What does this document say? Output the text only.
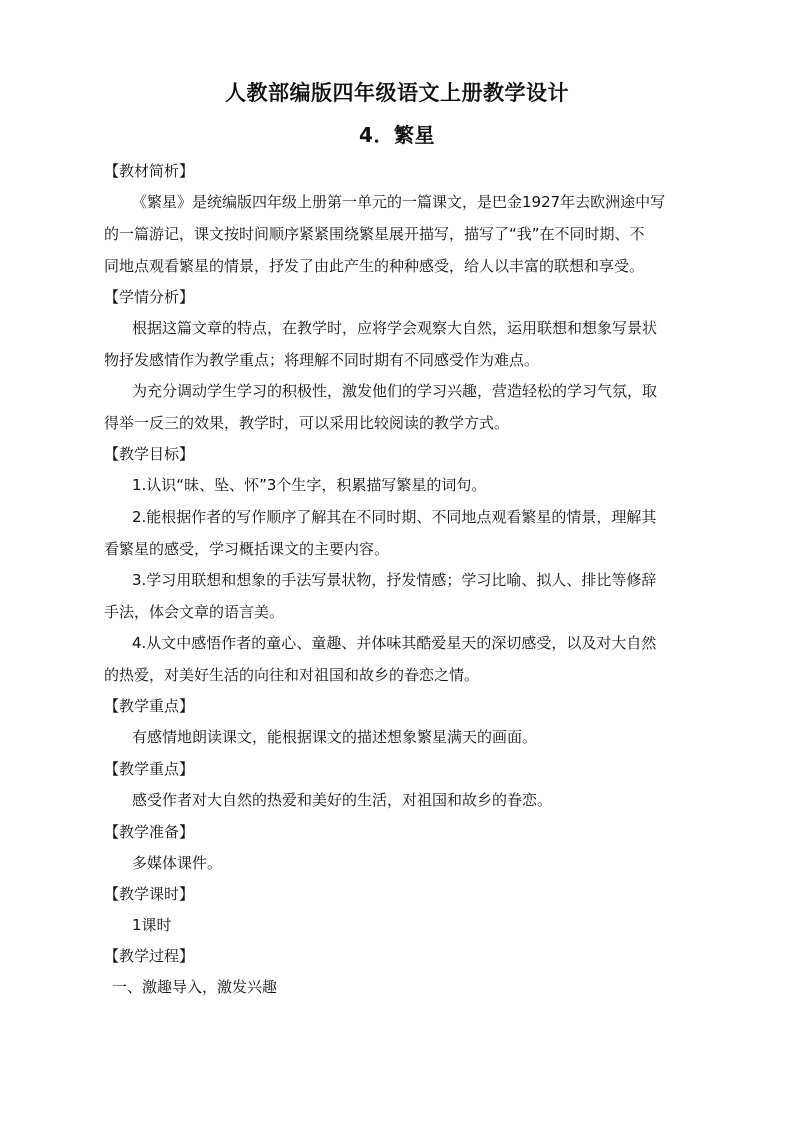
人教部编版四年级语文上册教学设计
4．繁星
【教材简析】
《繁星》是统编版四年级上册第一单元的一篇课文，是巴金1927年去欧洲途中写
的一篇游记，课文按时间顺序紧紧围绕繁星展开描写，描写了“我”在不同时期、不
同地点观看繁星的情景，抒发了由此产生的种种感受，给人以丰富的联想和享受。
【学情分析】
根据这篇文章的特点，在教学时，应将学会观察大自然，运用联想和想象写景状
物抒发感情作为教学重点；将理解不同时期有不同感受作为难点。
为充分调动学生学习的积极性，激发他们的学习兴趣，营造轻松的学习气氛，取
得举一反三的效果，教学时，可以采用比较阅读的教学方式。
【教学目标】
1.认识“昧、坠、怀”3个生字，积累描写繁星的词句。
2.能根据作者的写作顺序了解其在不同时期、不同地点观看繁星的情景，理解其
看繁星的感受，学习概括课文的主要内容。
3.学习用联想和想象的手法写景状物，抒发情感；学习比喻、拟人、排比等修辞
手法，体会文章的语言美。
4.从文中感悟作者的童心、童趣、并体味其酷爱星天的深切感受，以及对大自然
的热爱，对美好生活的向往和对祖国和故乡的眷恋之情。
【教学重点】
有感情地朗读课文，能根据课文的描述想象繁星满天的画面。
【教学重点】
感受作者对大自然的热爱和美好的生活，对祖国和故乡的眷恋。
【教学准备】
多媒体课件。
【教学课时】
1课时
【教学过程】
一、激趣导入，激发兴趣
